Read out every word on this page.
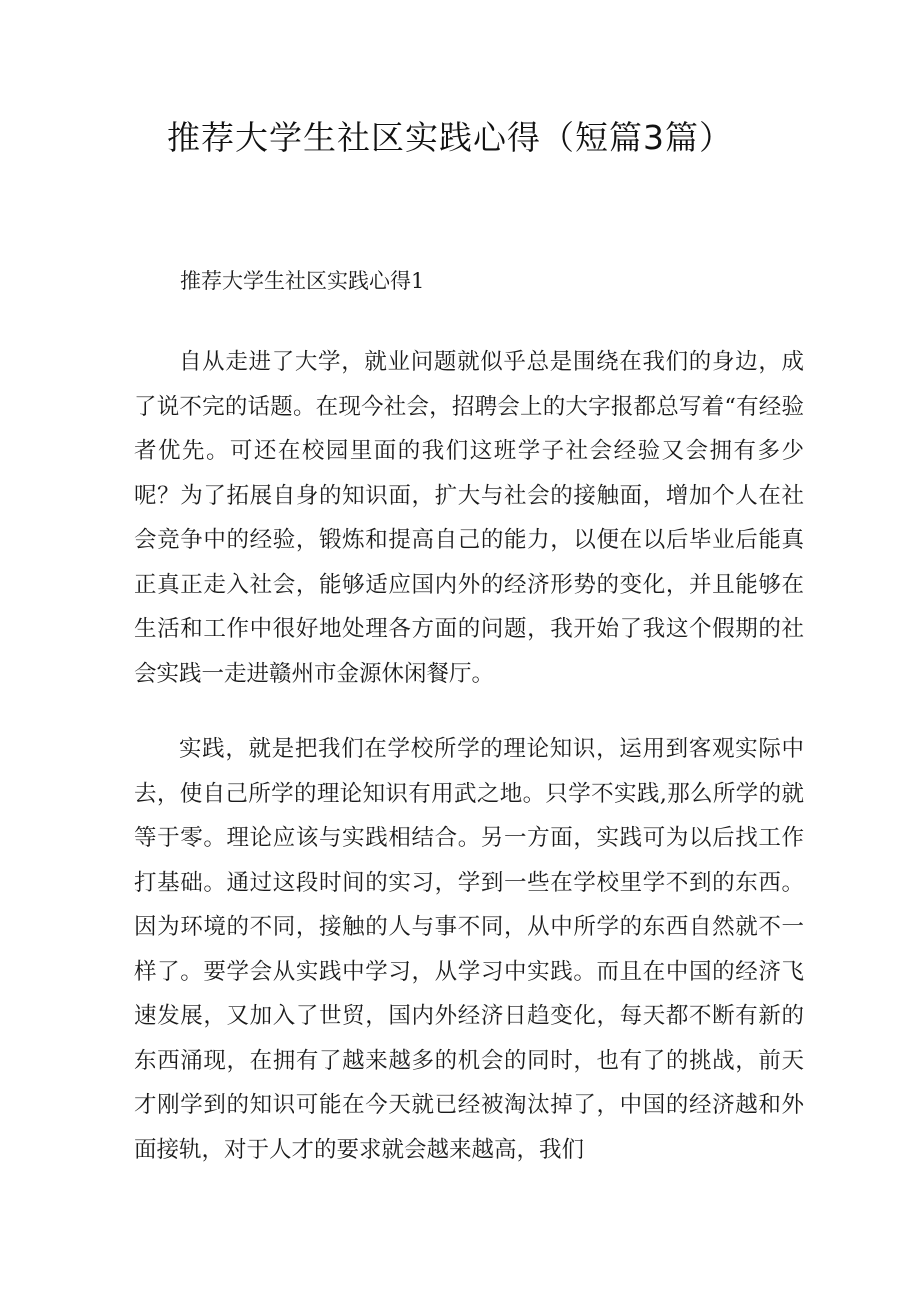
推荐大学生社区实践心得（短篇3篇）
推荐大学生社区实践心得1

自从走进了大学，就业问题就似乎总是围绕在我们的身边，成了说不完的话题。在现今社会，招聘会上的大字报都总写着“有经验者优先。可还在校园里面的我们这班学子社会经验又会拥有多少呢？为了拓展自身的知识面，扩大与社会的接触面，增加个人在社会竞争中的经验，锻炼和提高自己的能力，以便在以后毕业后能真正真正走入社会，能够适应国内外的经济形势的变化，并且能够在生活和工作中很好地处理各方面的问题，我开始了我这个假期的社会实践一走进赣州市金源休闲餐厅。

实践，就是把我们在学校所学的理论知识，运用到客观实际中去，使自己所学的理论知识有用武之地。只学不实践,那么所学的就等于零。理论应该与实践相结合。另一方面，实践可为以后找工作打基础。通过这段时间的实习，学到一些在学校里学不到的东西。因为环境的不同，接触的人与事不同，从中所学的东西自然就不一样了。要学会从实践中学习，从学习中实践。而且在中国的经济飞速发展，又加入了世贸，国内外经济日趋变化，每天都不断有新的东西涌现，在拥有了越来越多的机会的同时，也有了的挑战，前天才刚学到的知识可能在今天就已经被淘汰掉了，中国的经济越和外面接轨，对于人才的要求就会越来越高，我们
